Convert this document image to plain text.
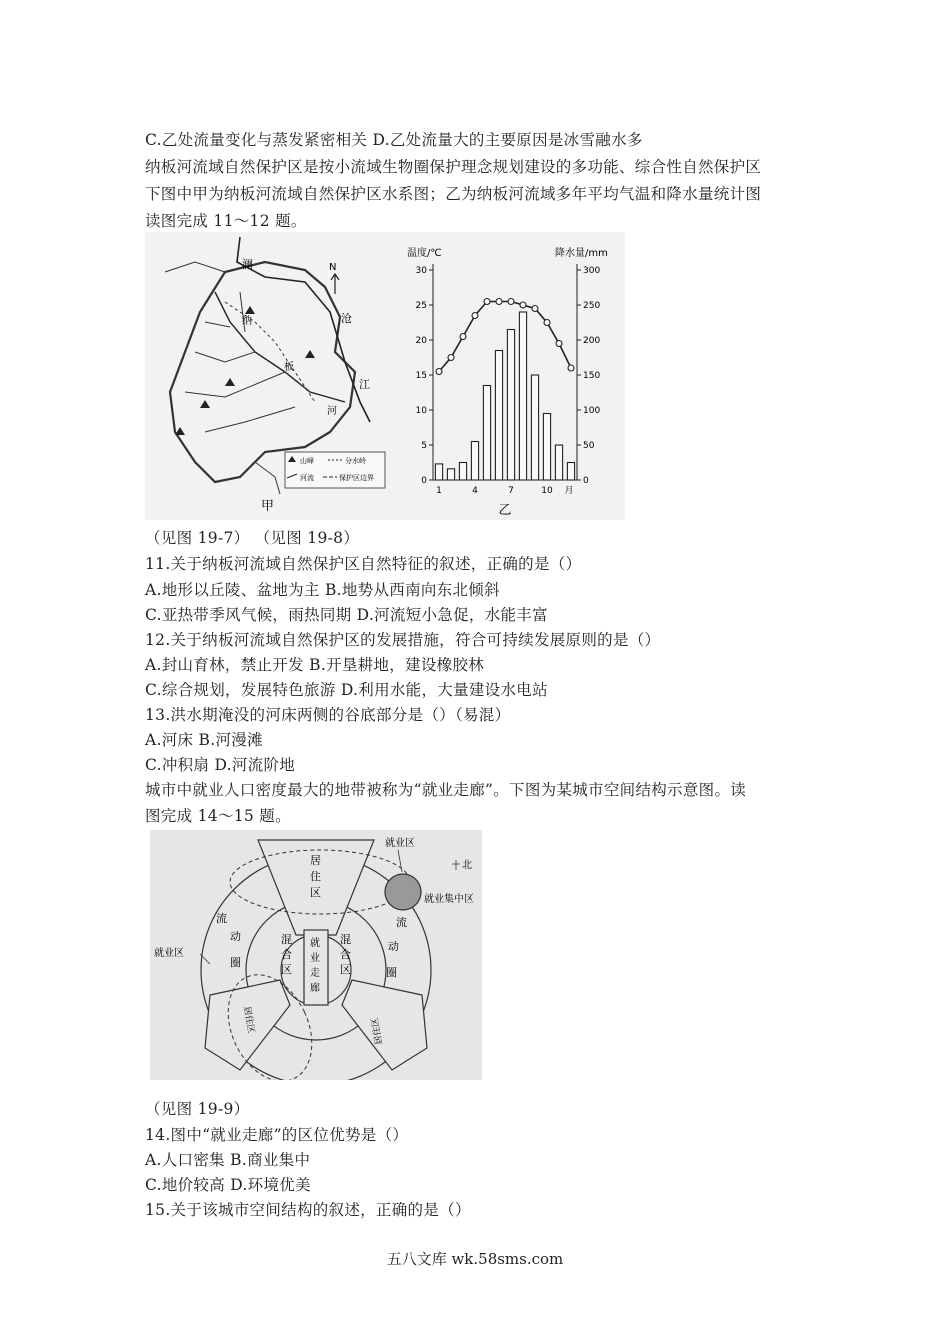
C.乙处流量变化与蒸发紧密相关 D.乙处流量大的主要原因是冰雪融水多
纳板河流域自然保护区是按小流域生物圈保护理念规划建设的多功能、综合性自然保护区
下图中甲为纳板河流域自然保护区水系图；乙为纳板河流域多年平均气温和降水量统计图
读图完成 11～12 题。
澜
沧
江
纳
板
河
N
山峰	分水岭
河流	保护区边界
甲
0
5
10
15
20
25
30
0
50
100
150
200
250
300
温度/℃	降水量/mm
1	4	7	10 月
乙
（见图 19-7） （见图 19-8）
11.关于纳板河流域自然保护区自然特征的叙述，正确的是（）
A.地形以丘陵、盆地为主 B.地势从西南向东北倾斜
C.亚热带季风气候，雨热同期 D.河流短小急促，水能丰富
12.关于纳板河流域自然保护区的发展措施，符合可持续发展原则的是（）
A.封山育林，禁止开发 B.开垦耕地，建设橡胶林
C.综合规划，发展特色旅游 D.利用水能，大量建设水电站
13.洪水期淹没的河床两侧的谷底部分是（）（易混）
A.河床 B.河漫滩
C.冲积扇 D.河流阶地
城市中就业人口密度最大的地带被称为“就业走廊”。下图为某城市空间结构示意图。读
图完成 14～15 题。
就业区
就业集中区
北
就业区
居
住
区
流
动
圈
流
动
圈
混
合
区
混
合
区
就
业
走
廊
居住区	居住区
（见图 19-9）
14.图中“就业走廊”的区位优势是（）
A.人口密集 B.商业集中
C.地价较高 D.环境优美
15.关于该城市空间结构的叙述，正确的是（）
五八文库 wk.58sms.com
